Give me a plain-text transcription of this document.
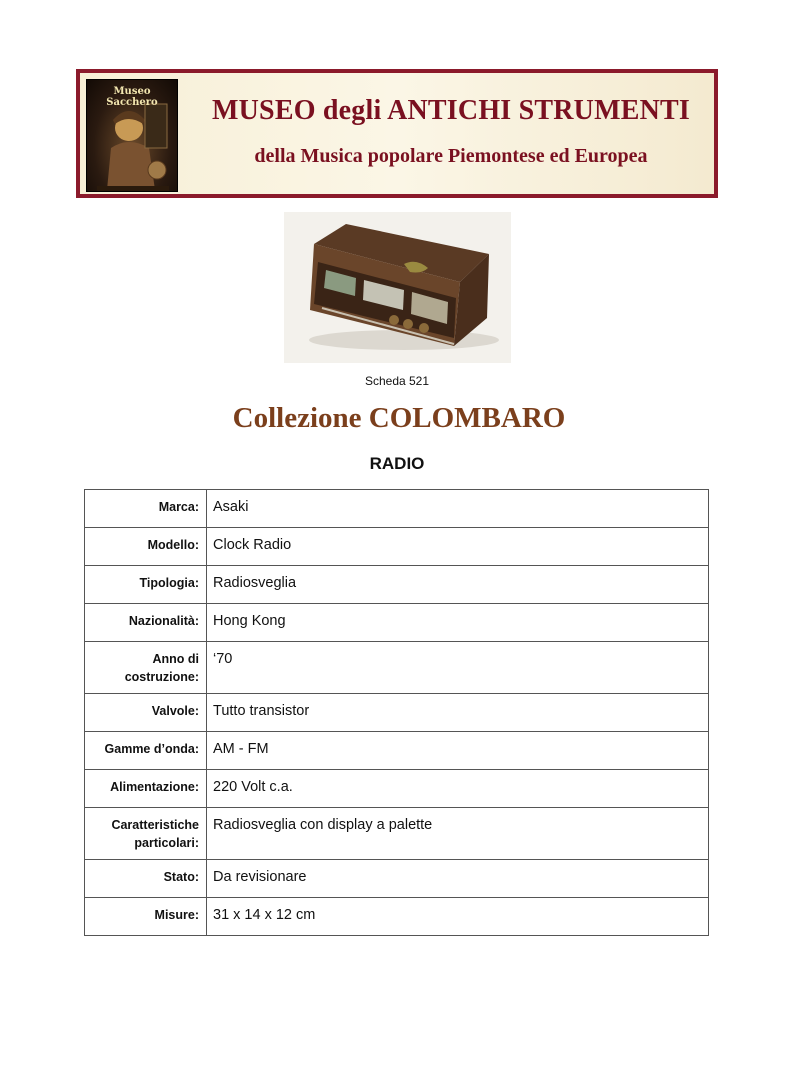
Museo Sacchero	MUSEO degli ANTICHI STRUMENTI
della Musica popolare Piemontese ed Europea
Scheda 521
Collezione COLOMBARO
RADIO
Marca:	Asaki
Modello:	Clock Radio
Tipologia:	Radiosveglia
Nazionalità:	Hong Kong
Anno di costruzione:	‘70
Valvole:	Tutto transistor
Gamme d’onda:	AM - FM
Alimentazione:	220 Volt c.a.
Caratteristiche particolari:	Radiosveglia con display a palette
Stato:	Da revisionare
Misure:	31 x 14 x 12 cm
